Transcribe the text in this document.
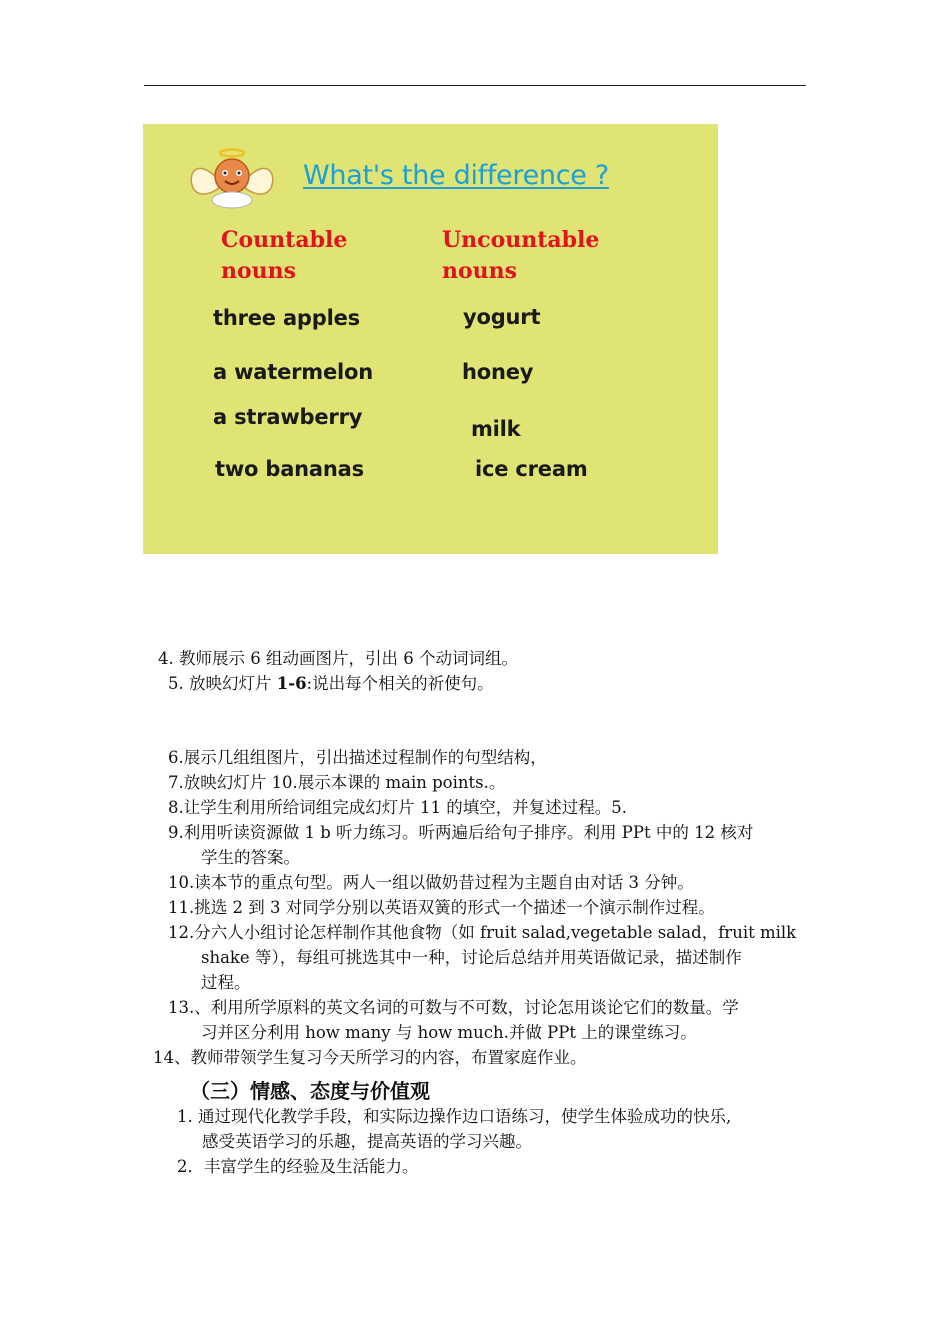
What's the difference ?
Countable
nouns
Uncountable
nouns
three apples
a watermelon
a strawberry
two bananas
yogurt
honey
milk
ice cream
4. 教师展示 6 组动画图片，引出 6 个动词词组。
5. 放映幻灯片 1-6:说出每个相关的祈使句。
6.展示几组组图片，引出描述过程制作的句型结构，
7.放映幻灯片 10.展示本课的 main points.。
8.让学生利用所给词组完成幻灯片 11 的填空，并复述过程。5.
9.利用听读资源做 1 b 听力练习。听两遍后给句子排序。利用 PPt 中的 12 核对
学生的答案。
10.读本节的重点句型。两人一组以做奶昔过程为主题自由对话 3 分钟。
11.挑选 2 到 3 对同学分别以英语双簧的形式一个描述一个演示制作过程。
12.分六人小组讨论怎样制作其他食物（如 fruit salad,vegetable salad，fruit milk
shake 等），每组可挑选其中一种，讨论后总结并用英语做记录，描述制作
过程。
13.、利用所学原料的英文名词的可数与不可数，讨论怎用谈论它们的数量。学
习并区分利用 how many 与 how much.并做 PPt 上的课堂练习。
14、教师带领学生复习今天所学习的内容，布置家庭作业。
（三）情感、态度与价值观
1. 通过现代化教学手段，和实际边操作边口语练习，使学生体验成功的快乐,
感受英语学习的乐趣，提高英语的学习兴趣。
2．丰富学生的经验及生活能力。
